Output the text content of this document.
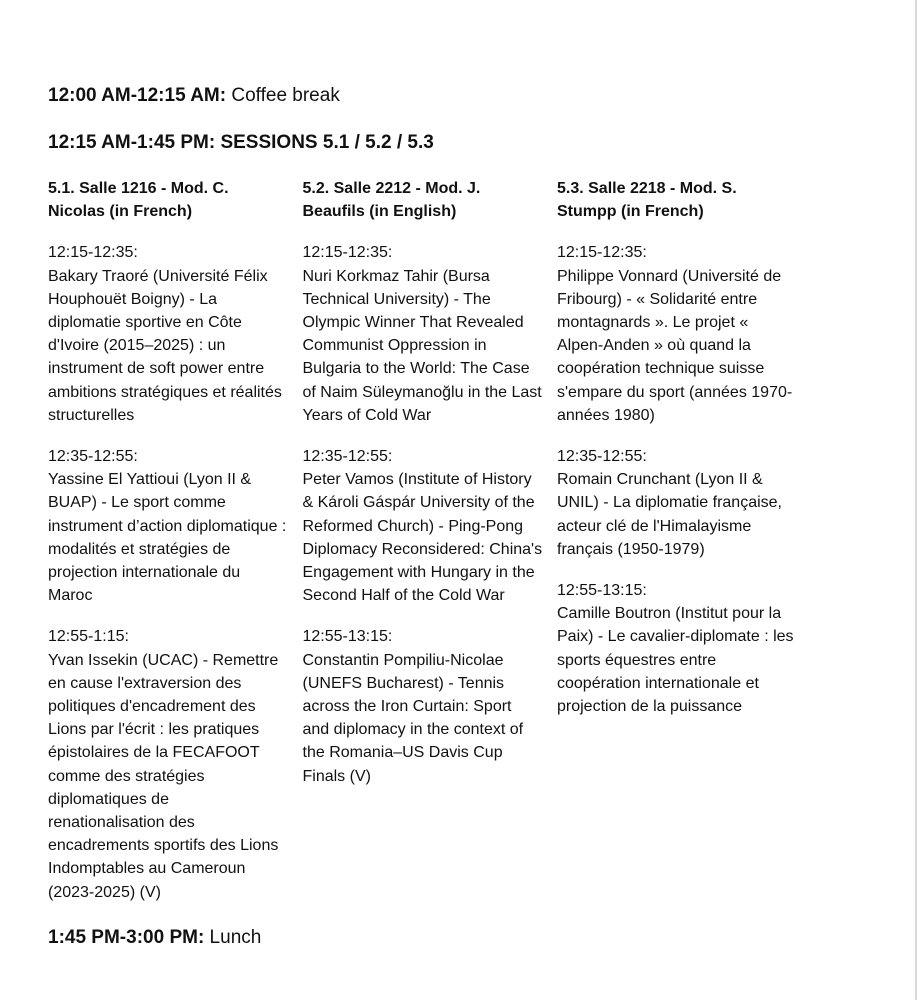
12:00 AM-12:15 AM: Coffee break

12:15 AM-1:45 PM: SESSIONS 5.1 / 5.2 / 5.3

5.1. Salle 1216 - Mod. C. Nicolas (in French)

12:15-12:35:
Bakary Traoré (Université Félix Houphouët Boigny) - La diplomatie sportive en Côte d'Ivoire (2015–2025) : un instrument de soft power entre ambitions stratégiques et réalités structurelles
12:35-12:55:
Yassine El Yattioui (Lyon II & BUAP) - Le sport comme instrument d’action diplomatique : modalités et stratégies de projection internationale du Maroc
12:55-1:15:
Yvan Issekin (UCAC) - Remettre en cause l'extraversion des politiques d'encadrement des Lions par l'écrit : les pratiques épistolaires de la FECAFOOT comme des stratégies diplomatiques de renationalisation des encadrements sportifs des Lions Indomptables au Cameroun (2023-2025) (V)

5.2. Salle 2212 - Mod. J. Beaufils (in English)

12:15-12:35:
Nuri Korkmaz Tahir (Bursa Technical University) - The Olympic Winner That Revealed Communist Oppression in Bulgaria to the World: The Case of Naim Süleymanoğlu in the Last Years of Cold War
12:35-12:55:
Peter Vamos (Institute of History & Károli Gáspár University of the Reformed Church) - Ping-Pong Diplomacy Reconsidered: China's Engagement with Hungary in the Second Half of the Cold War
12:55-13:15:
Constantin Pompiliu-Nicolae (UNEFS Bucharest) - Tennis across the Iron Curtain: Sport and diplomacy in the context of the Romania–US Davis Cup Finals (V)

5.3. Salle 2218 - Mod. S. Stumpp (in French)

12:15-12:35:
Philippe Vonnard (Université de Fribourg) - « Solidarité entre montagnards ». Le projet « Alpen-Anden » où quand la coopération technique suisse s'empare du sport (années 1970-années 1980)
12:35-12:55:
Romain Crunchant (Lyon II & UNIL) - La diplomatie française, acteur clé de l'Himalayisme français (1950-1979)
12:55-13:15:
Camille Boutron (Institut pour la Paix) - Le cavalier-diplomate : les sports équestres entre coopération internationale et projection de la puissance

1:45 PM-3:00 PM: Lunch
